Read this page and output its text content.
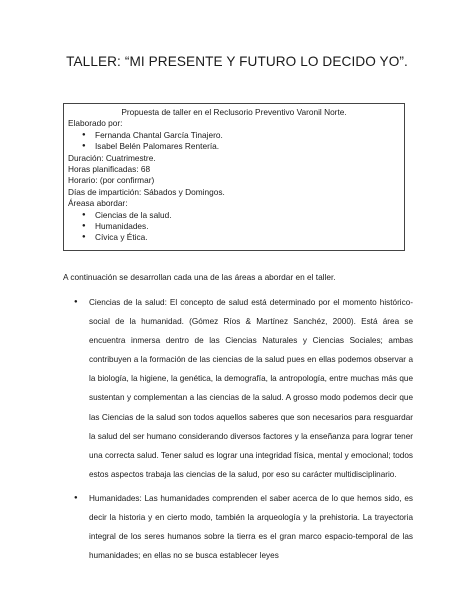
TALLER: “MI PRESENTE Y FUTURO LO DECIDO YO”.
Propuesta de taller en el Reclusorio Preventivo Varonil Norte.
Elaborado por:
● Fernanda Chantal García Tinajero.
● Isabel Belén Palomares Rentería.
Duración: Cuatrimestre.
Horas planificadas: 68
Horario: (por confirmar)
Días de impartición: Sábados y Domingos.
Áreasa abordar:
● Ciencias de la salud.
● Humanidades.
● Cívica y Ética.
A continuación se desarrollan cada una de las áreas a abordar en el taller.
● Ciencias de la salud: El concepto de salud está determinado por el momento histórico-social de la humanidad. (Gómez Ríos & Martínez Sanchéz, 2000). Está área se encuentra inmersa dentro de las Ciencias Naturales y Ciencias Sociales; ambas contribuyen a la formación de las ciencias de la salud pues en ellas podemos observar a la biología, la higiene, la genética, la demografía, la antropología, entre muchas más que sustentan y complementan a las ciencias de la salud. A grosso modo podemos decir que las Ciencias de la salud son todos aquellos saberes que son necesarios para resguardar la salud del ser humano considerando diversos factores y la enseñanza para lograr tener una correcta salud. Tener salud es lograr una integridad física, mental y emocional; todos estos aspectos trabaja las ciencias de la salud, por eso su carácter multidisciplinario.
● Humanidades: Las humanidades comprenden el saber acerca de lo que hemos sido, es decir la historia y en cierto modo, también la arqueología y la prehistoria. La trayectoria integral de los seres humanos sobre la tierra es el gran marco espacio-temporal de las humanidades; en ellas no se busca establecer leyes
